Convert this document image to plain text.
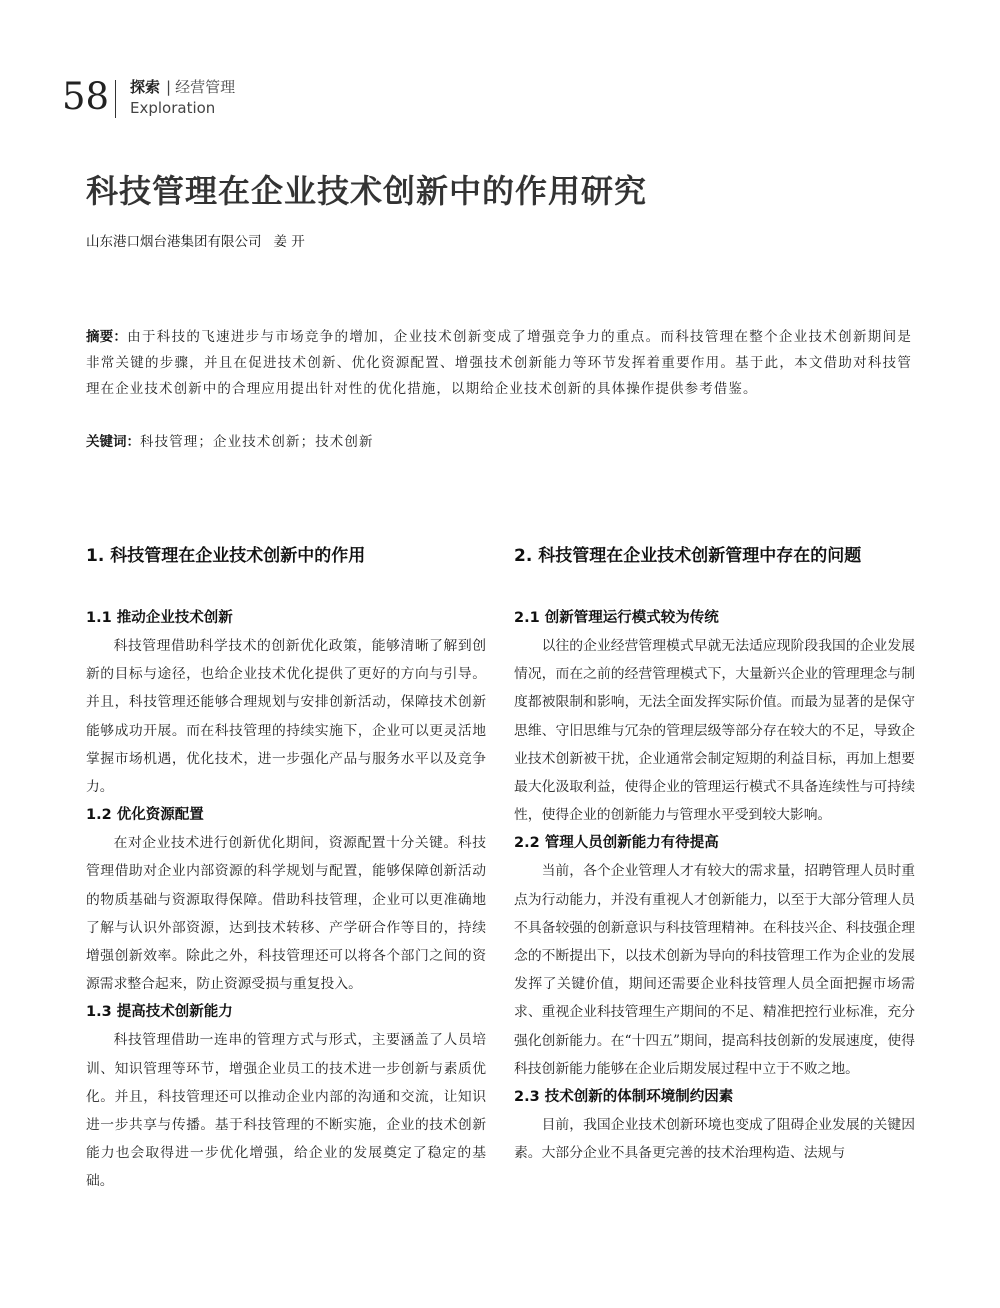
58 探索 | 经营管理
Exploration
科技管理在企业技术创新中的作用研究
山东港口烟台港集团有限公司 姜 开
摘要：由于科技的飞速进步与市场竞争的增加，企业技术创新变成了增强竞争力的重点。而科技管理在整个企业技术创新期间是非常关键的步骤，并且在促进技术创新、优化资源配置、增强技术创新能力等环节发挥着重要作用。基于此，本文借助对科技管理在企业技术创新中的合理应用提出针对性的优化措施，以期给企业技术创新的具体操作提供参考借鉴。
关键词：科技管理；企业技术创新；技术创新
1. 科技管理在企业技术创新中的作用
1.1 推动企业技术创新

科技管理借助科学技术的创新优化政策，能够清晰了解到创新的目标与途径，也给企业技术优化提供了更好的方向与引导。并且，科技管理还能够合理规划与安排创新活动，保障技术创新能够成功开展。而在科技管理的持续实施下，企业可以更灵活地掌握市场机遇，优化技术，进一步强化产品与服务水平以及竞争力。

1.2 优化资源配置

在对企业技术进行创新优化期间，资源配置十分关键。科技管理借助对企业内部资源的科学规划与配置，能够保障创新活动的物质基础与资源取得保障。借助科技管理，企业可以更准确地了解与认识外部资源，达到技术转移、产学研合作等目的，持续增强创新效率。除此之外，科技管理还可以将各个部门之间的资源需求整合起来，防止资源受损与重复投入。

1.3 提高技术创新能力

科技管理借助一连串的管理方式与形式，主要涵盖了人员培训、知识管理等环节，增强企业员工的技术进一步创新与素质优化。并且，科技管理还可以推动企业内部的沟通和交流，让知识进一步共享与传播。基于科技管理的不断实施，企业的技术创新能力也会取得进一步优化增强，给企业的发展奠定了稳定的基础。

2. 科技管理在企业技术创新管理中存在的问题
2.1 创新管理运行模式较为传统

以往的企业经营管理模式早就无法适应现阶段我国的企业发展情况，而在之前的经营管理模式下，大量新兴企业的管理理念与制度都被限制和影响，无法全面发挥实际价值。而最为显著的是保守思维、守旧思维与冗杂的管理层级等部分存在较大的不足，导致企业技术创新被干扰，企业通常会制定短期的利益目标，再加上想要最大化汲取利益，使得企业的管理运行模式不具备连续性与可持续性，使得企业的创新能力与管理水平受到较大影响。

2.2 管理人员创新能力有待提高

当前，各个企业管理人才有较大的需求量，招聘管理人员时重点为行动能力，并没有重视人才创新能力，以至于大部分管理人员不具备较强的创新意识与科技管理精神。在科技兴企、科技强企理念的不断提出下，以技术创新为导向的科技管理工作为企业的发展发挥了关键价值，期间还需要企业科技管理人员全面把握市场需求、重视企业科技管理生产期间的不足、精准把控行业标准，充分强化创新能力。在“十四五”期间，提高科技创新的发展速度，使得科技创新能力能够在企业后期发展过程中立于不败之地。

2.3 技术创新的体制环境制约因素

目前，我国企业技术创新环境也变成了阻碍企业发展的关键因素。大部分企业不具备更完善的技术治理构造、法规与
